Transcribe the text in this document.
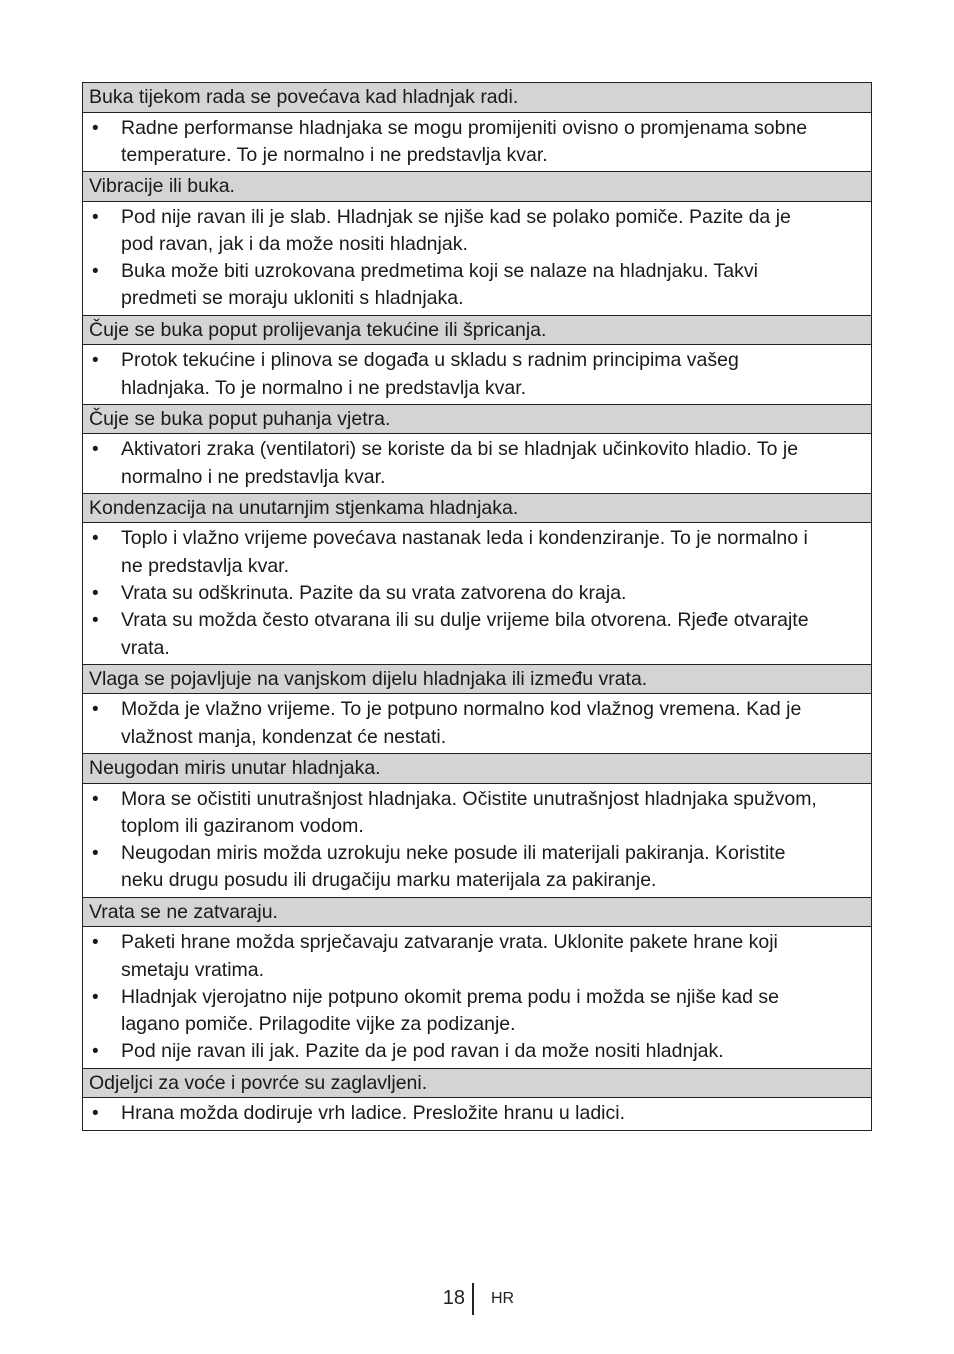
Buka tijekom rada se povećava kad hladnjak radi.
• Radne performanse hladnjaka se mogu promijeniti ovisno o promjenama sobne
temperature. To je normalno i ne predstavlja kvar.
Vibracije ili buka.
• Pod nije ravan ili je slab. Hladnjak se njiše kad se polako pomiče. Pazite da je
pod ravan, jak i da može nositi hladnjak.
• Buka može biti uzrokovana predmetima koji se nalaze na hladnjaku. Takvi
predmeti se moraju ukloniti s hladnjaka.
Čuje se buka poput prolijevanja tekućine ili špricanja.
• Protok tekućine i plinova se događa u skladu s radnim principima vašeg
hladnjaka. To je normalno i ne predstavlja kvar.
Čuje se buka poput puhanja vjetra.
• Aktivatori zraka (ventilatori) se koriste da bi se hladnjak učinkovito hladio. To je
normalno i ne predstavlja kvar.
Kondenzacija na unutarnjim stjenkama hladnjaka.
• Toplo i vlažno vrijeme povećava nastanak leda i kondenziranje. To je normalno i
ne predstavlja kvar.
• Vrata su odškrinuta. Pazite da su vrata zatvorena do kraja.
• Vrata su možda često otvarana ili su dulje vrijeme bila otvorena. Rjeđe otvarajte
vrata.
Vlaga se pojavljuje na vanjskom dijelu hladnjaka ili između vrata.
• Možda je vlažno vrijeme. To je potpuno normalno kod vlažnog vremena. Kad je
vlažnost manja, kondenzat će nestati.
Neugodan miris unutar hladnjaka.
• Mora se očistiti unutrašnjost hladnjaka. Očistite unutrašnjost hladnjaka spužvom,
toplom ili gaziranom vodom.
• Neugodan miris možda uzrokuju neke posude ili materijali pakiranja. Koristite
neku drugu posudu ili drugačiju marku materijala za pakiranje.
Vrata se ne zatvaraju.
• Paketi hrane možda sprječavaju zatvaranje vrata. Uklonite pakete hrane koji
smetaju vratima.
• Hladnjak vjerojatno nije potpuno okomit prema podu i možda se njiše kad se
lagano pomiče. Prilagodite vijke za podizanje.
• Pod nije ravan ili jak. Pazite da je pod ravan i da može nositi hladnjak.
Odjeljci za voće i povrće su zaglavljeni.
• Hrana možda dodiruje vrh ladice. Presložite hranu u ladici.
18 HR
